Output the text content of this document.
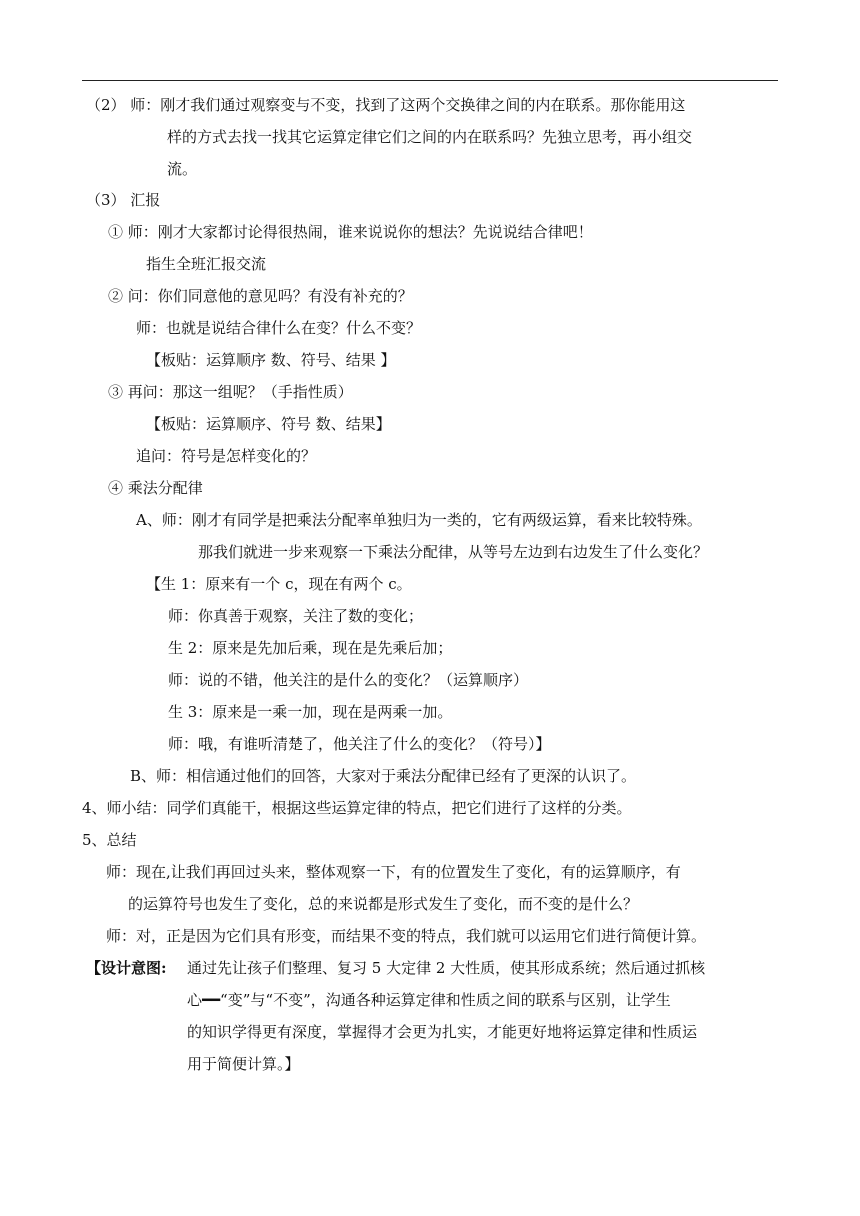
（2） 师：刚才我们通过观察变与不变，找到了这两个交换律之间的内在联系。那你能用这
样的方式去找一找其它运算定律它们之间的内在联系吗？先独立思考，再小组交
流。
（3） 汇报
① 师：刚才大家都讨论得很热闹，谁来说说你的想法？先说说结合律吧！
指生全班汇报交流
② 问：你们同意他的意见吗？有没有补充的？
师：也就是说结合律什么在变？什么不变？
【板贴：运算顺序 数、符号、结果 】
③ 再问：那这一组呢？（手指性质）
【板贴：运算顺序、符号 数、结果】
追问：符号是怎样变化的？
④ 乘法分配律
A、师：刚才有同学是把乘法分配率单独归为一类的，它有两级运算，看来比较特殊。
那我们就进一步来观察一下乘法分配律，从等号左边到右边发生了什么变化？
【生 1：原来有一个 c，现在有两个 c。
师：你真善于观察，关注了数的变化；
生 2：原来是先加后乘，现在是先乘后加；
师：说的不错，他关注的是什么的变化？（运算顺序）
生 3：原来是一乘一加，现在是两乘一加。
师：哦，有谁听清楚了，他关注了什么的变化？（符号）】
B、师：相信通过他们的回答，大家对于乘法分配律已经有了更深的认识了。
4、师小结：同学们真能干，根据这些运算定律的特点，把它们进行了这样的分类。
5、总结
师：现在,让我们再回过头来，整体观察一下，有的位置发生了变化，有的运算顺序，有
的运算符号也发生了变化，总的来说都是形式发生了变化，而不变的是什么？
师：对，正是因为它们具有形变，而结果不变的特点，我们就可以运用它们进行简便计算。
【设计意图: 通过先让孩子们整理、复习 5 大定律 2 大性质，使其形成系统；然后通过抓核
心━━“变”与“不变”，沟通各种运算定律和性质之间的联系与区别，让学生
的知识学得更有深度，掌握得才会更为扎实，才能更好地将运算定律和性质运
用于简便计算。】
